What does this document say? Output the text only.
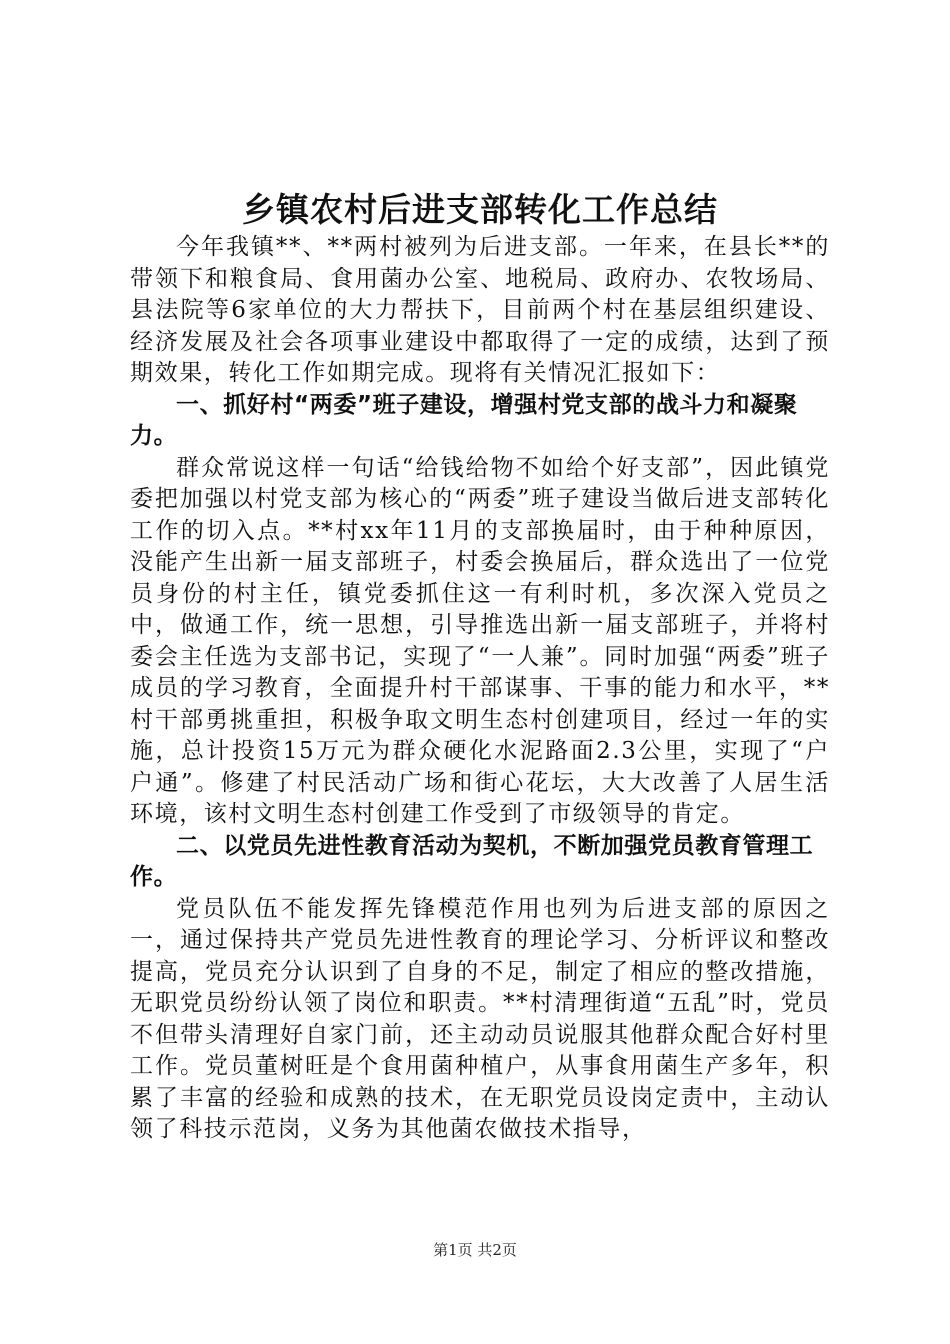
乡镇农村后进支部转化工作总结

今年我镇**、**两村被列为后进支部。一年来，在县长**的带领下和粮食局、食用菌办公室、地税局、政府办、农牧场局、县法院等6家单位的大力帮扶下，目前两个村在基层组织建设、经济发展及社会各项事业建设中都取得了一定的成绩，达到了预期效果，转化工作如期完成。现将有关情况汇报如下：

一、抓好村“两委”班子建设，增强村党支部的战斗力和凝聚力。

群众常说这样一句话“给钱给物不如给个好支部”，因此镇党委把加强以村党支部为核心的“两委”班子建设当做后进支部转化工作的切入点。**村xx年11月的支部换届时，由于种种原因，没能产生出新一届支部班子，村委会换届后，群众选出了一位党员身份的村主任，镇党委抓住这一有利时机，多次深入党员之中，做通工作，统一思想，引导推选出新一届支部班子，并将村委会主任选为支部书记，实现了“一人兼”。同时加强“两委”班子成员的学习教育，全面提升村干部谋事、干事的能力和水平，**村干部勇挑重担，积极争取文明生态村创建项目，经过一年的实施，总计投资15万元为群众硬化水泥路面2.3公里，实现了“户户通”。修建了村民活动广场和街心花坛，大大改善了人居生活环境，该村文明生态村创建工作受到了市级领导的肯定。

二、以党员先进性教育活动为契机，不断加强党员教育管理工作。

党员队伍不能发挥先锋模范作用也列为后进支部的原因之一，通过保持共产党员先进性教育的理论学习、分析评议和整改提高，党员充分认识到了自身的不足，制定了相应的整改措施，无职党员纷纷认领了岗位和职责。**村清理街道“五乱”时，党员不但带头清理好自家门前，还主动动员说服其他群众配合好村里工作。党员董树旺是个食用菌种植户，从事食用菌生产多年，积累了丰富的经验和成熟的技术，在无职党员设岗定责中，主动认领了科技示范岗，义务为其他菌农做技术指导，

第1页 共2页
